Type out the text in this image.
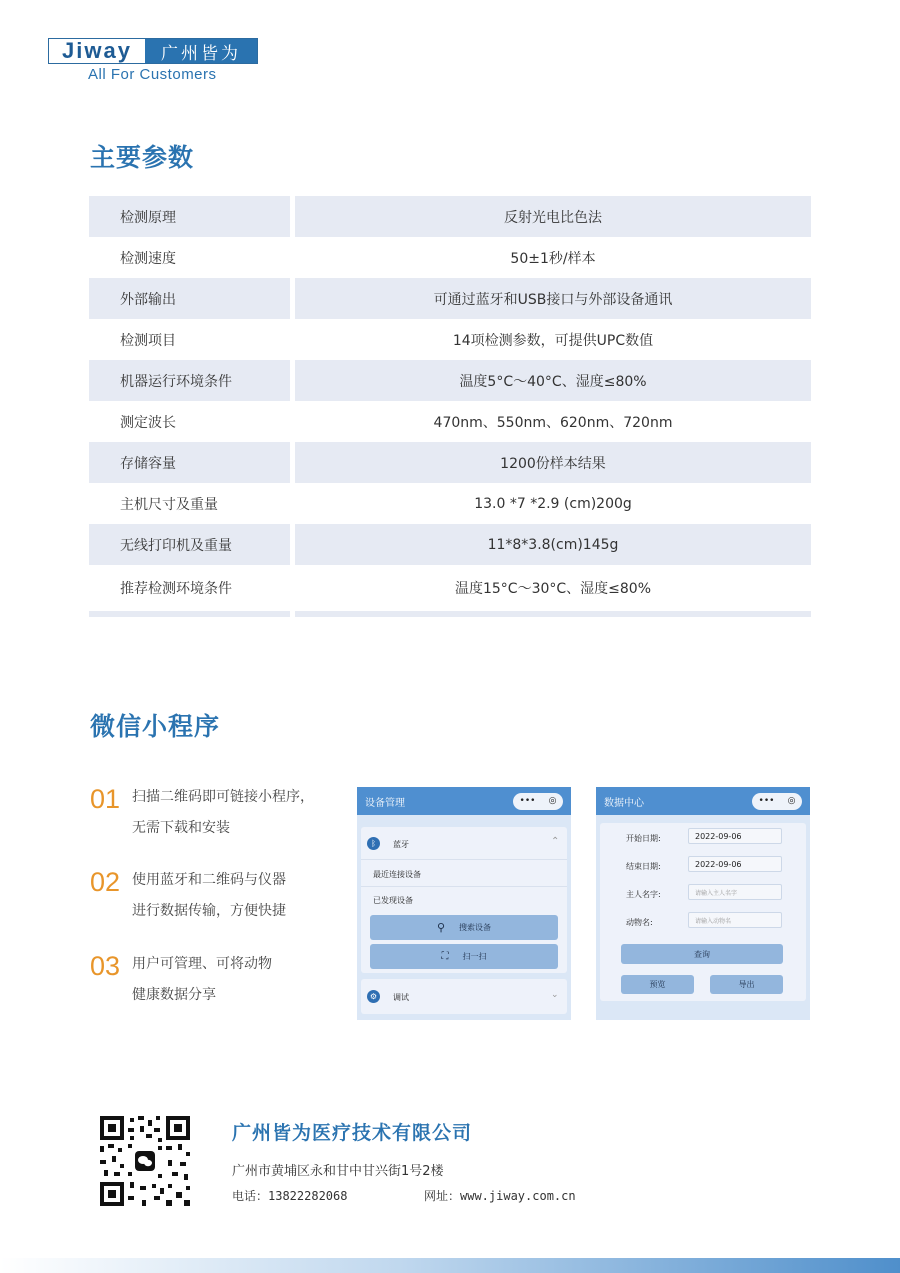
Jiway	广州皆为
All For Customers
主要参数
检测原理	反射光电比色法
检测速度	50±1秒/样本
外部输出	可通过蓝牙和USB接口与外部设备通讯
检测项目	14项检测参数，可提供UPC数值
机器运行环境条件	温度5°C～40°C、湿度≤80%
测定波长	470nm、550nm、620nm、720nm
存储容量	1200份样本结果
主机尺寸及重量	13.0 *7 *2.9 (cm)200g
无线打印机及重量	11*8*3.8(cm)145g
推荐检测环境条件	温度15°C～30°C、湿度≤80%
微信小程序
01 扫描二维码即可链接小程序，
无需下载和安装
02 使用蓝牙和二维码与仪器
进行数据传输，方便快捷
03 用户可管理、可将动物
健康数据分享
设备管理	••• ◎
ᛒ	蓝牙	⌃
最近连接设备
已发现设备
⚲ 搜索设备
⛶ 扫一扫
⚙	调试	⌄
数据中心	••• ◎
开始日期:	2022-09-06
结束日期:	2022-09-06
主人名字:	请输入主人名字
动物名:	请输入动物名
查询
预览	导出
广州皆为医疗技术有限公司
广州市黄埔区永和甘中甘兴街1号2楼
电话：13822282068	网址：www.jiway.com.cn
